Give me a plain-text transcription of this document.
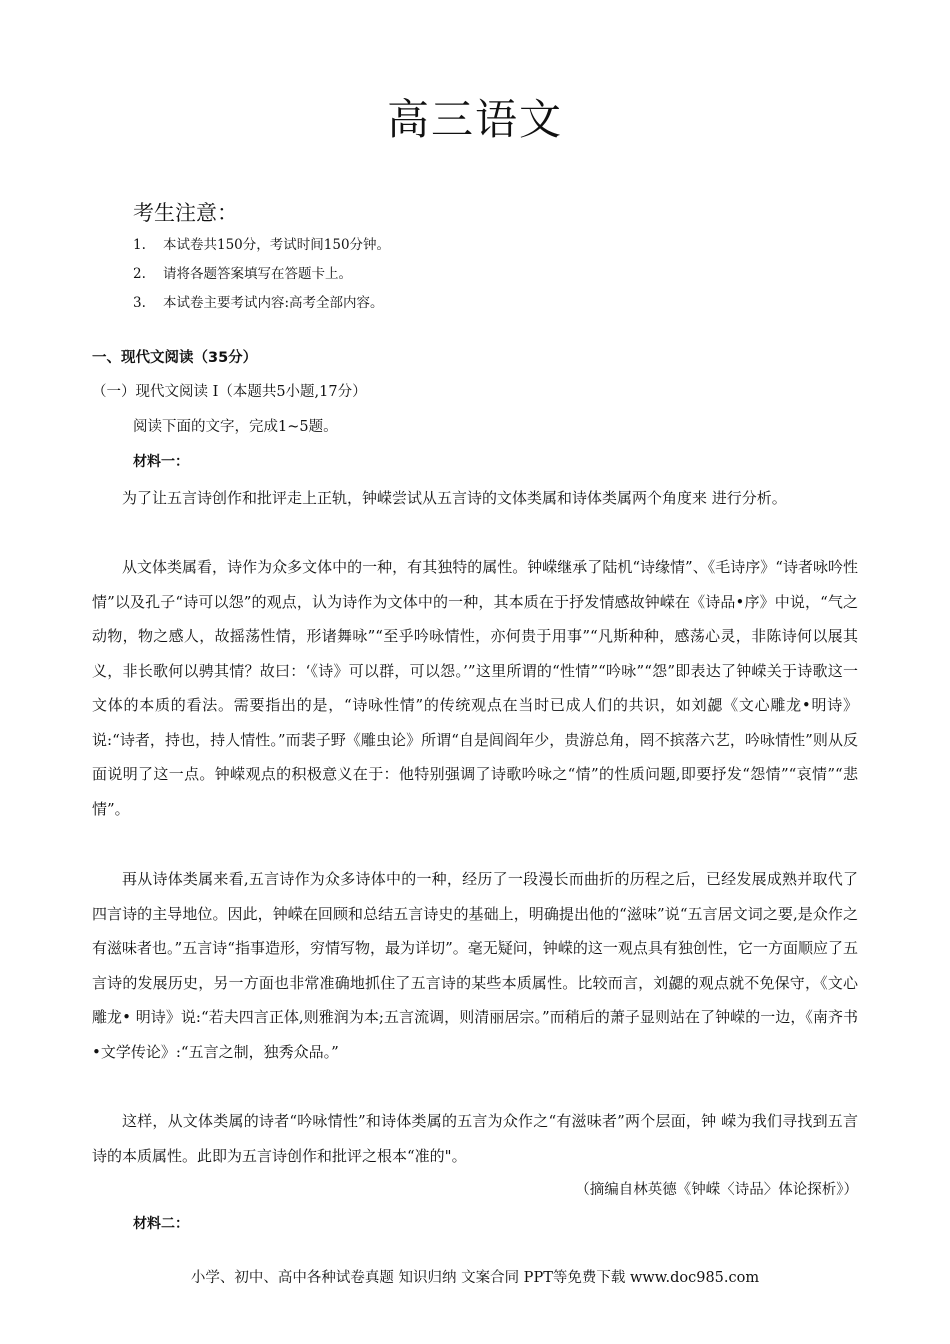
高三语文
考生注意：
1. 本试卷共150分，考试时间150分钟。
2. 请将各题答案填写在答题卡上。
3. 本试卷主要考试内容:高考全部内容。
一、现代文阅读（35分）
（一）现代文阅读 I（本题共5小题,17分）
阅读下面的文字，完成1~5题。
材料一：

为了让五言诗创作和批评走上正轨，钟嵘尝试从五言诗的文体类属和诗体类属两个角度来 进行分析。

从文体类属看，诗作为众多文体中的一种，有其独特的属性。钟嵘继承了陆机“诗缘情”、《毛诗序》“诗者咏吟性情”以及孔子“诗可以怨”的观点，认为诗作为文体中的一种，其本质在于抒发情感故钟嵘在《诗品•序》中说，“气之动物，物之感人，故摇荡性情，形诸舞咏”“至乎吟咏情性，亦何贵于用事”“凡斯种种，感荡心灵，非陈诗何以展其义，非长歌何以骋其情？故曰：‘《诗》可以群，可以怨。’”这里所谓的“性情”“吟咏”“怨”即表达了钟嵘关于诗歌这一文体的本质的看法。需要指出的是，“诗咏性情”的传统观点在当时已成人们的共识，如刘勰《文心雕龙•明诗》说:“诗者，持也，持人情性。”而裴子野《雕虫论》所谓“自是闾阎年少，贵游总角，罔不摈落六艺，吟咏情性”则从反面说明了这一点。钟嵘观点的积极意义在于：他特别强调了诗歌吟咏之“情”的性质问题,即要抒发“怨情”“哀情”“悲情”。

再从诗体类属来看,五言诗作为众多诗体中的一种，经历了一段漫长而曲折的历程之后，已经发展成熟并取代了四言诗的主导地位。因此，钟嵘在回顾和总结五言诗史的基础上，明确提出他的“滋味”说“五言居文词之要,是众作之有滋味者也。”五言诗“指事造形，穷情写物，最为详切”。毫无疑问，钟嵘的这一观点具有独创性，它一方面顺应了五言诗的发展历史，另一方面也非常准确地抓住了五言诗的某些本质属性。比较而言，刘勰的观点就不免保守，《文心雕龙• 明诗》说:“若夫四言正体,则雅润为本;五言流调，则清丽居宗。”而稍后的萧子显则站在了钟嵘的一边，《南齐书•文学传论》:“五言之制，独秀众品。”

这样，从文体类属的诗者“吟咏情性”和诗体类属的五言为众作之“有滋味者”两个层面，钟 嵘为我们寻找到五言诗的本质属性。此即为五言诗创作和批评之根本“准的"。

（摘编自林英德《钟嵘〈诗品〉体论探析》）
材料二：
小学、初中、高中各种试卷真题 知识归纳 文案合同 PPT等免费下载 www.doc985.com
